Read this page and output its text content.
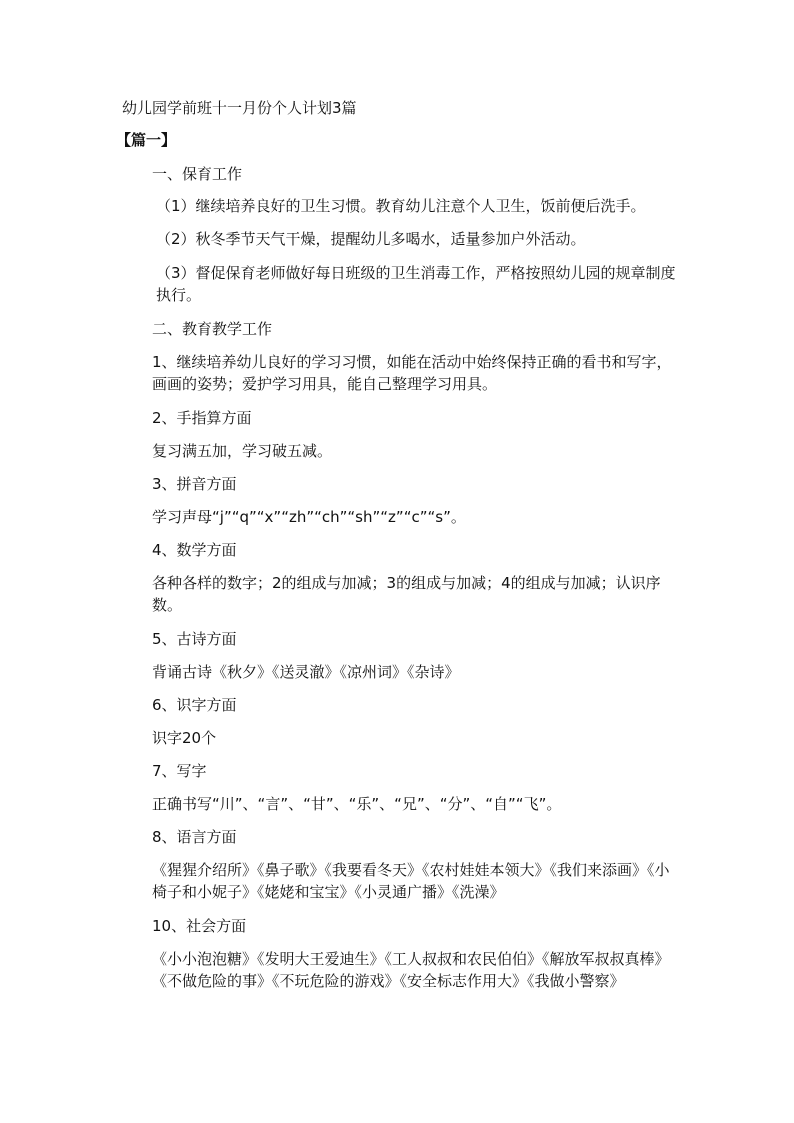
幼儿园学前班十一月份个人计划3篇
【篇一】
一、保育工作
（1）继续培养良好的卫生习惯。教育幼儿注意个人卫生，饭前便后洗手。
（2）秋冬季节天气干燥，提醒幼儿多喝水，适量参加户外活动。
（3）督促保育老师做好每日班级的卫生消毒工作，严格按照幼儿园的规章制度执行。
二、教育教学工作
1、继续培养幼儿良好的学习习惯，如能在活动中始终保持正确的看书和写字，画画的姿势；爱护学习用具，能自己整理学习用具。
2、手指算方面
复习满五加，学习破五减。
3、拼音方面
学习声母“j”“q”“x”“zh”“ch”“sh”“z”“c”“s”。
4、数学方面
各种各样的数字；2的组成与加减；3的组成与加减；4的组成与加减；认识序数。
5、古诗方面
背诵古诗《秋夕》《送灵澈》《凉州词》《杂诗》
6、识字方面
识字20个
7、写字
正确书写“川”、“言”、“甘”、“乐”、“兄”、“分”、“自”“飞”。
8、语言方面
《猩猩介绍所》《鼻子歌》《我要看冬天》《农村娃娃本领大》《我们来添画》《小椅子和小妮子》《姥姥和宝宝》《小灵通广播》《洗澡》
10、社会方面
《小小泡泡糖》《发明大王爱迪生》《工人叔叔和农民伯伯》《解放军叔叔真棒》《不做危险的事》《不玩危险的游戏》《安全标志作用大》《我做小警察》
